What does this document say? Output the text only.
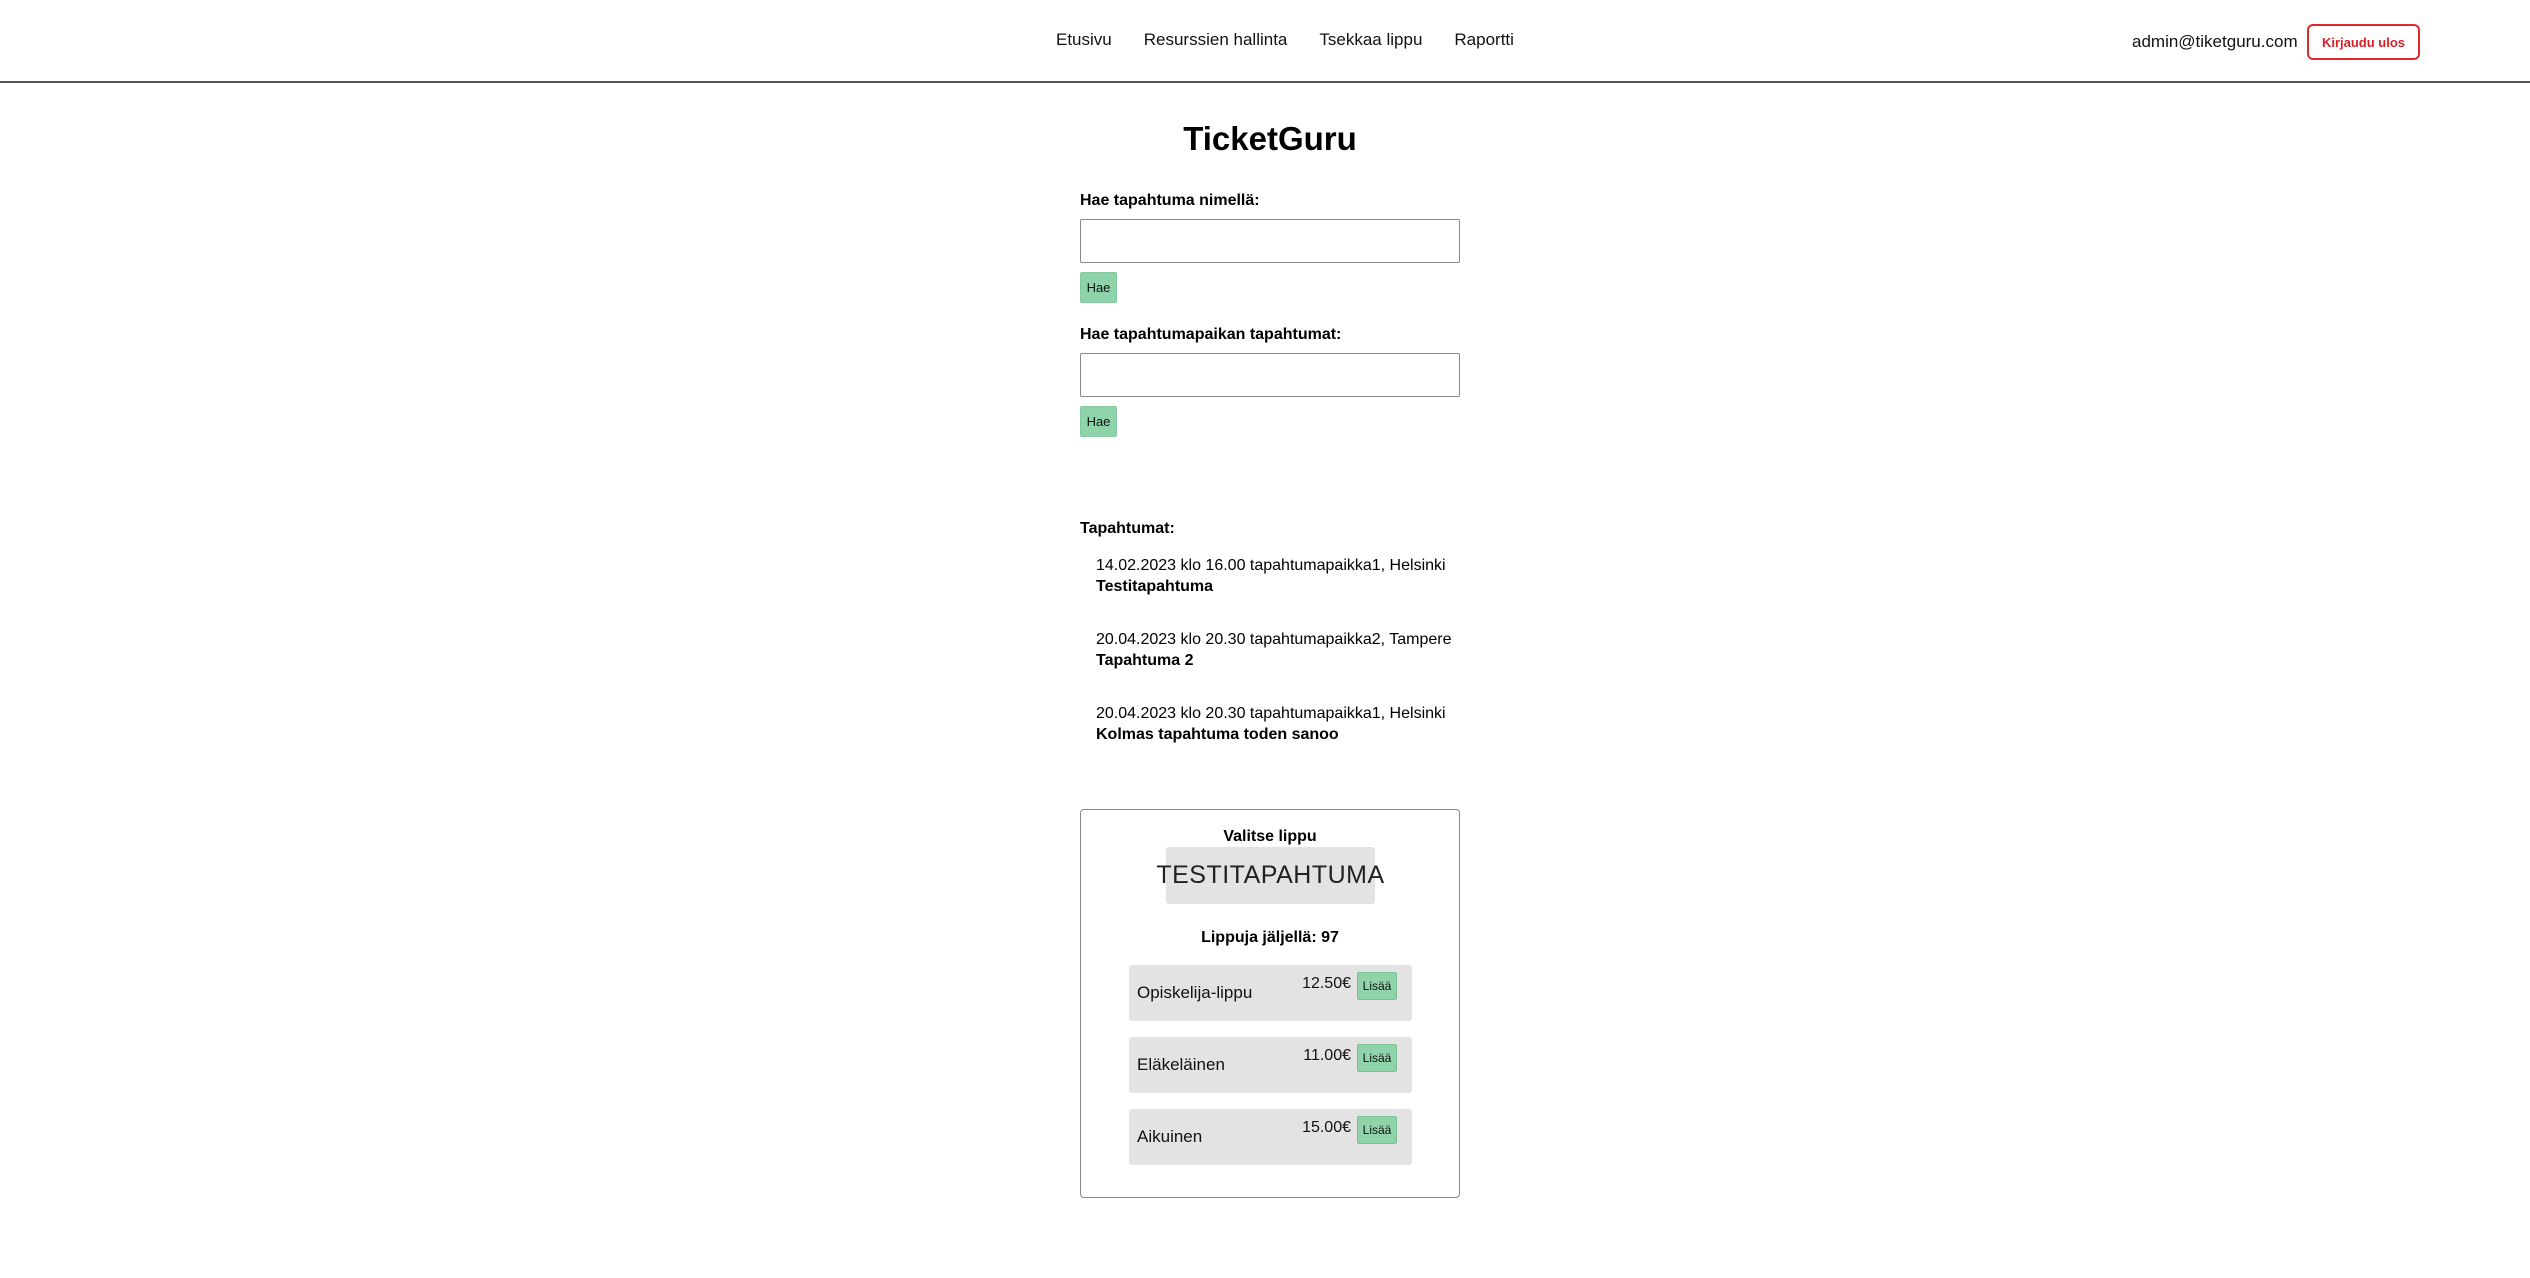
Etusivu Resurssien hallinta Tsekkaa lippu Raportti	admin@tiketguru.com	Kirjaudu ulos
TicketGuru
Hae tapahtuma nimellä:
Hae
Hae tapahtumapaikan tapahtumat:
Hae
Tapahtumat:
14.02.2023 klo 16.00 tapahtumapaikka1, Helsinki
Testitapahtuma
20.04.2023 klo 20.30 tapahtumapaikka2, Tampere
Tapahtuma 2
20.04.2023 klo 20.30 tapahtumapaikka1, Helsinki
Kolmas tapahtuma toden sanoo
Valitse lippu
TESTITAPAHTUMA
Lippuja jäljellä: 97
Opiskelija-lippu	12.50€ Lisää
Eläkeläinen	11.00€ Lisää
Aikuinen	15.00€ Lisää
